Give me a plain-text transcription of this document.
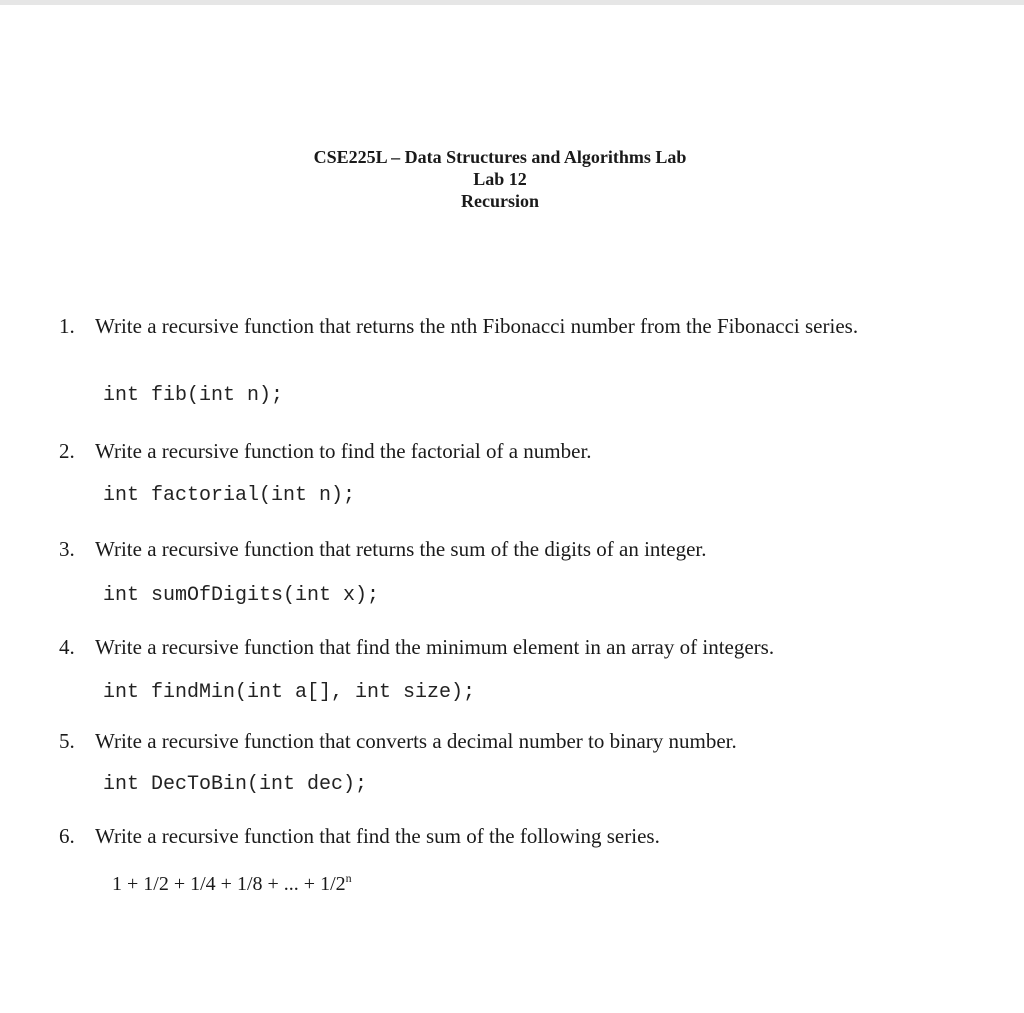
CSE225L – Data Structures and Algorithms Lab
Lab 12
Recursion
1. Write a recursive function that returns the nth Fibonacci number from the Fibonacci series.
int fib(int n);
2. Write a recursive function to find the factorial of a number.
int factorial(int n);
3. Write a recursive function that returns the sum of the digits of an integer.
int sumOfDigits(int x);
4. Write a recursive function that find the minimum element in an array of integers.
int findMin(int a[], int size);
5. Write a recursive function that converts a decimal number to binary number.
int DecToBin(int dec);
6. Write a recursive function that find the sum of the following series.
1 + 1/2 + 1/4 + 1/8 + ... + $1/2^n$
